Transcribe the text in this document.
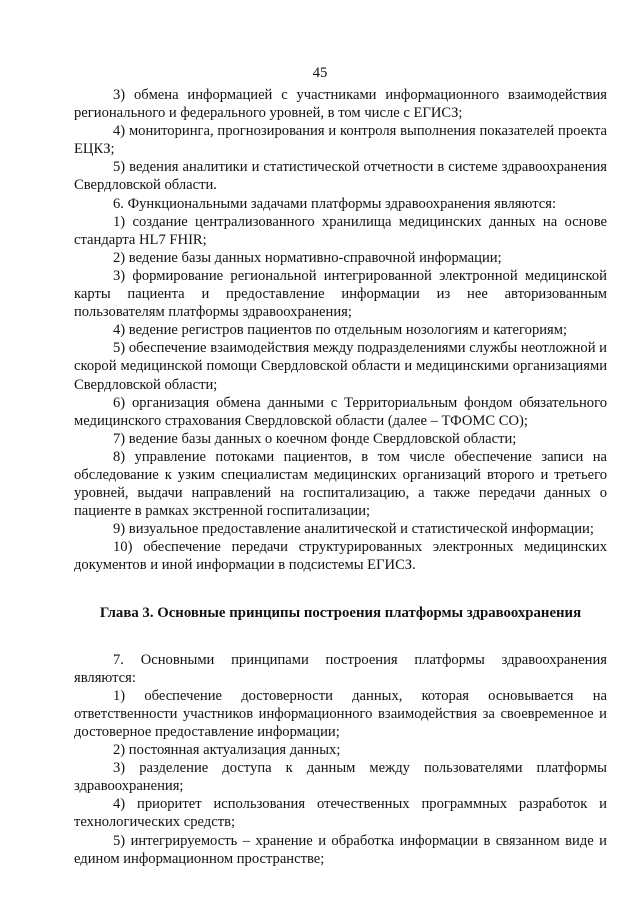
45

3) обмена информацией с участниками информационного взаимодействия регионального и федерального уровней, в том числе с ЕГИСЗ;

4) мониторинга, прогнозирования и контроля выполнения показателей проекта ЕЦКЗ;

5) ведения аналитики и статистической отчетности в системе здравоохранения Свердловской области.

6. Функциональными задачами платформы здравоохранения являются:

1) создание централизованного хранилища медицинских данных на основе стандарта HL7 FHIR;

2) ведение базы данных нормативно-справочной информации;

3) формирование региональной интегрированной электронной медицинской карты пациента и предоставление информации из нее авторизованным пользователям платформы здравоохранения;

4) ведение регистров пациентов по отдельным нозологиям и категориям;

5) обеспечение взаимодействия между подразделениями службы неотложной и скорой медицинской помощи Свердловской области и медицинскими организациями Свердловской области;

6) организация обмена данными с Территориальным фондом обязательного медицинского страхования Свердловской области (далее – ТФОМС СО);

7) ведение базы данных о коечном фонде Свердловской области;

8) управление потоками пациентов, в том числе обеспечение записи на обследование к узким специалистам медицинских организаций второго и третьего уровней, выдачи направлений на госпитализацию, а также передачи данных о пациенте в рамках экстренной госпитализации;

9) визуальное предоставление аналитической и статистической информации;

10) обеспечение передачи структурированных электронных медицинских документов и иной информации в подсистемы ЕГИСЗ.

Глава 3. Основные принципы построения платформы здравоохранения

7. Основными принципами построения платформы здравоохранения являются:

1) обеспечение достоверности данных, которая основывается на ответственности участников информационного взаимодействия за своевременное и достоверное предоставление информации;

2) постоянная актуализация данных;

3) разделение доступа к данным между пользователями платформы здравоохранения;

4) приоритет использования отечественных программных разработок и технологических средств;

5) интегрируемость – хранение и обработка информации в связанном виде и едином информационном пространстве;
